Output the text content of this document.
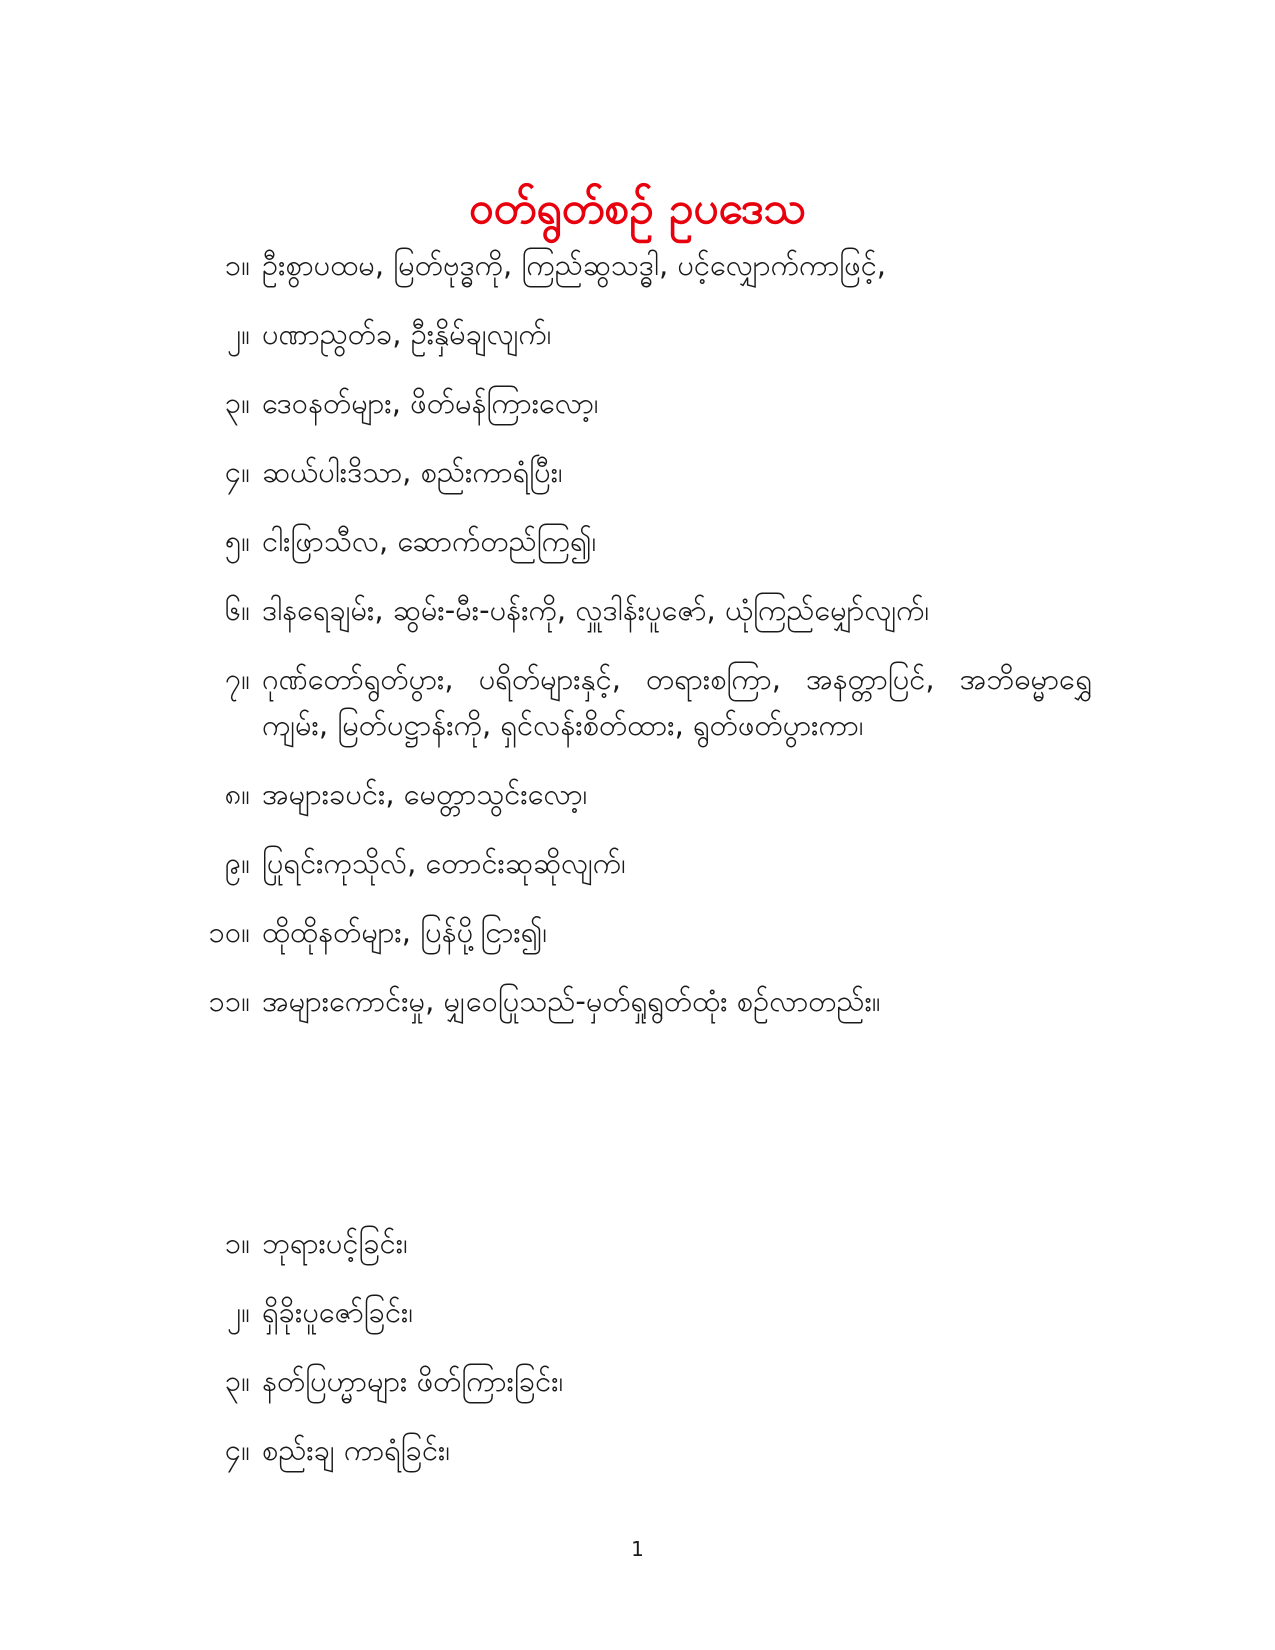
ဝတ်ရွတ်စဉ် ဥပဒေသ
၁။ ဦးစွာပထမ, မြတ်ဗုဒ္ဓကို, ကြည်ဆွသဒ္ဓါ, ပင့်လျှောက်ကာဖြင့်,
၂။ ပဏာညွတ်ခ, ဦးနှိမ်ချလျက်၊
၃။ ဒေဝနတ်များ, ဖိတ်မန်ကြားလော့၊
၄။ ဆယ်ပါးဒိသာ, စည်းကာရံပြီး၊
၅။ ငါးဖြာသီလ, ဆောက်တည်ကြ၍၊
၆။ ဒါနရေချမ်း, ဆွမ်း-မီး-ပန်းကို, လှူဒါန်းပူဇော်, ယုံကြည်မျှော်လျက်၊
၇။ ဂုဏ်တော်ရွတ်ပွား, ပရိတ်များနှင့်, တရားစကြာ, အနတ္တာပြင်, အဘိဓမ္မာရွှေကျမ်း, မြတ်ပဋ္ဌာန်းကို, ရှင်လန်းစိတ်ထား, ရွတ်ဖတ်ပွားကာ၊
၈။ အများခပင်း, မေတ္တာသွင်းလော့၊
၉။ ပြုရင်းကုသိုလ်, တောင်းဆုဆိုလျက်၊
၁၀။ ထိုထိုနတ်များ, ပြန်ပို့ငြား၍၊
၁၁။ အများကောင်းမှု, မျှဝေပြုသည်-မှတ်ရှုရွတ်ထုံး စဉ်လာတည်း။
၁။ ဘုရားပင့်ခြင်း၊
၂။ ရှိခိုးပူဇော်ခြင်း၊
၃။ နတ်ပြဟ္မာများ ဖိတ်ကြားခြင်း၊
၄။ စည်းချ ကာရံခြင်း၊
1
